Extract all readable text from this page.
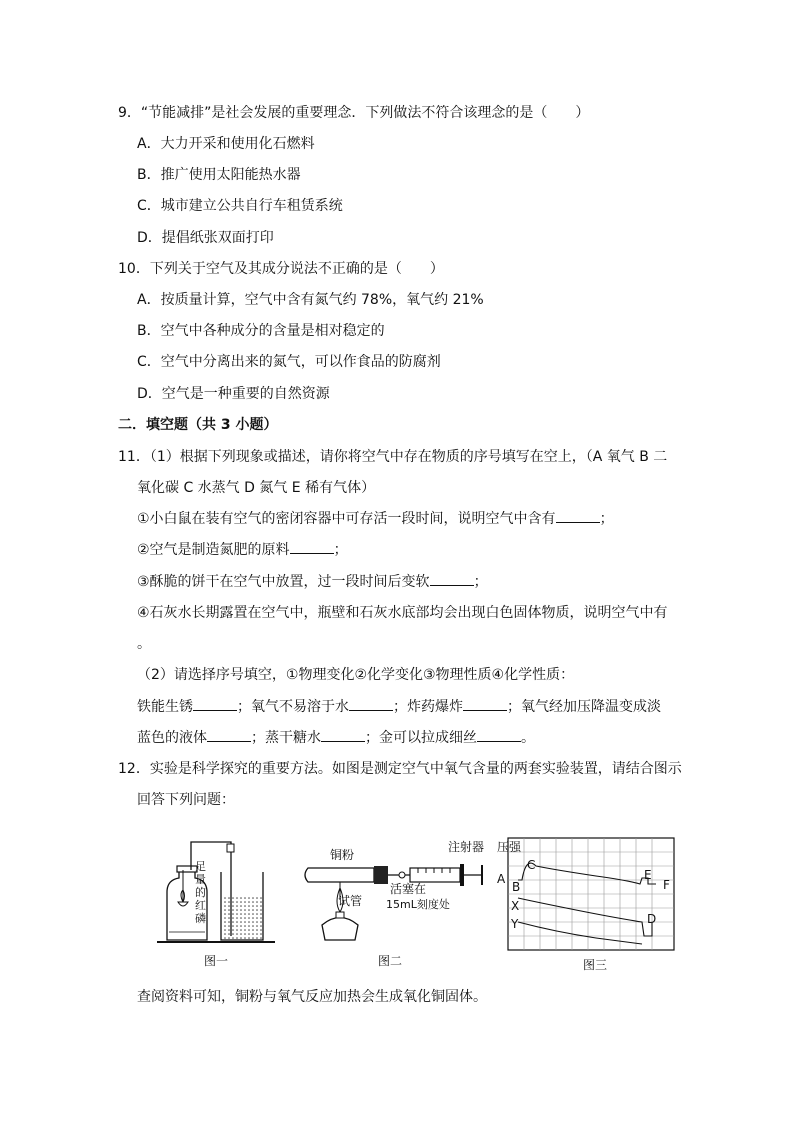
9．“节能减排”是社会发展的重要理念．下列做法不符合该理念的是（　　）
A．大力开采和使用化石燃料
B．推广使用太阳能热水器
C．城市建立公共自行车租赁系统
D．提倡纸张双面打印
10．下列关于空气及其成分说法不正确的是（　　）
A．按质量计算，空气中含有氮气约 78%，氧气约 21%
B．空气中各种成分的含量是相对稳定的
C．空气中分离出来的氮气，可以作食品的防腐剂
D．空气是一种重要的自然资源
二．填空题（共 3 小题）
11．（1）根据下列现象或描述，请你将空气中存在物质的序号填写在空上，（A 氧气 B 二
氧化碳 C 水蒸气 D 氮气 E 稀有气体）
①小白鼠在装有空气的密闭容器中可存活一段时间，说明空气中含有	；
②空气是制造氮肥的原料	；
③酥脆的饼干在空气中放置，过一段时间后变软	；
④石灰水长期露置在空气中，瓶壁和石灰水底部均会出现白色固体物质，说明空气中有
。
（2）请选择序号填空，①物理变化②化学变化③物理性质④化学性质：
铁能生锈	；氧气不易溶于水	；炸药爆炸	；氧气经加压降温变成淡
蓝色的液体	；蒸干糖水	；金可以拉成细丝	。
12．实验是科学探究的重要方法。如图是测定空气中氧气含量的两套实验装置，请结合图示
回答下列问题：
足量的红磷
图一
铜粉
注射器
试管
活塞在
15mL刻度处
图二
压强
A
B
C
D
E
F
X
Y
图三
查阅资料可知，铜粉与氧气反应加热会生成氧化铜固体。
